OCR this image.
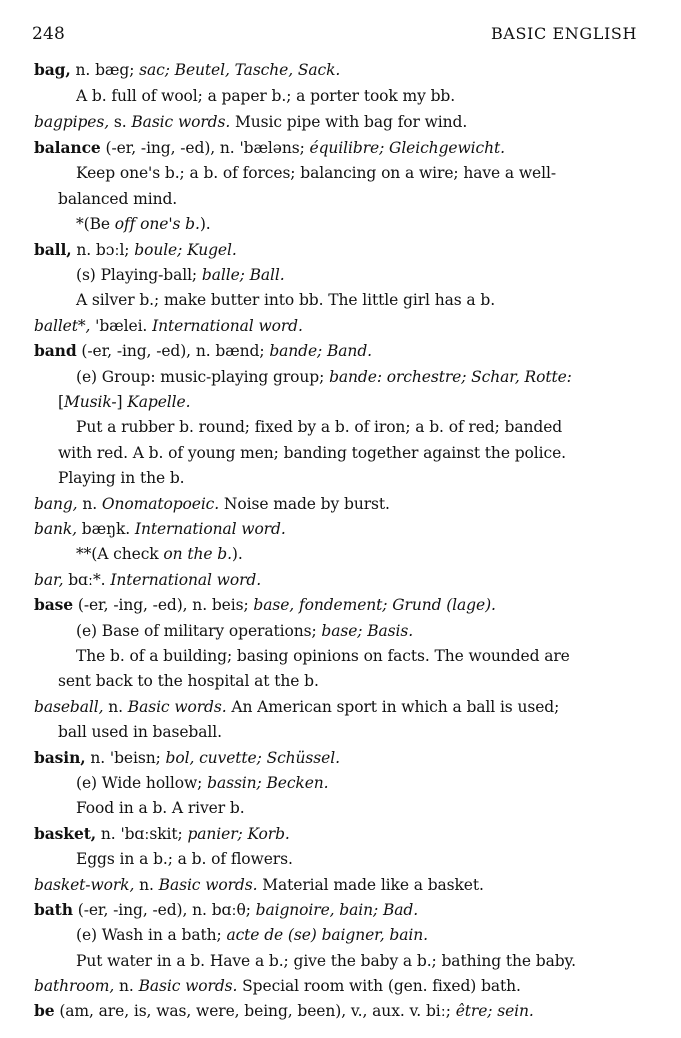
248	BASIC ENGLISH
bag, n. bæg; sac; Beutel, Tasche, Sack.
A b. full of wool; a paper b.; a porter took my bb.
bagpipes, s. Basic words. Music pipe with bag for wind.
balance (-er, -ing, -ed), n. 'bæləns; équilibre; Gleichgewicht.
Keep one's b.; a b. of forces; balancing on a wire; have a well-
balanced mind.
*(Be off one's b.).
ball, n. bɔːl; boule; Kugel.
(s) Playing-ball; balle; Ball.
A silver b.; make butter into bb. The little girl has a b.
ballet*, 'bælei. International word.
band (-er, -ing, -ed), n. bænd; bande; Band.
(e) Group: music-playing group; bande: orchestre; Schar, Rotte:
[Musik-] Kapelle.
Put a rubber b. round; fixed by a b. of iron; a b. of red; banded
with red. A b. of young men; banding together against the police.
Playing in the b.
bang, n. Onomatopoeic. Noise made by burst.
bank, bæŋk. International word.
**(A check on the b.).
bar, bɑː*. International word.
base (-er, -ing, -ed), n. beis; base, fondement; Grund (lage).
(e) Base of military operations; base; Basis.
The b. of a building; basing opinions on facts. The wounded are
sent back to the hospital at the b.
baseball, n. Basic words. An American sport in which a ball is used;
ball used in baseball.
basin, n. 'beisn; bol, cuvette; Schüssel.
(e) Wide hollow; bassin; Becken.
Food in a b. A river b.
basket, n. 'bɑːskit; panier; Korb.
Eggs in a b.; a b. of flowers.
basket-work, n. Basic words. Material made like a basket.
bath (-er, -ing, -ed), n. bɑːθ; baignoire, bain; Bad.
(e) Wash in a bath; acte de (se) baigner, bain.
Put water in a b. Have a b.; give the baby a b.; bathing the baby.
bathroom, n. Basic words. Special room with (gen. fixed) bath.
be (am, are, is, was, were, being, been), v., aux. v. biː; être; sein.
